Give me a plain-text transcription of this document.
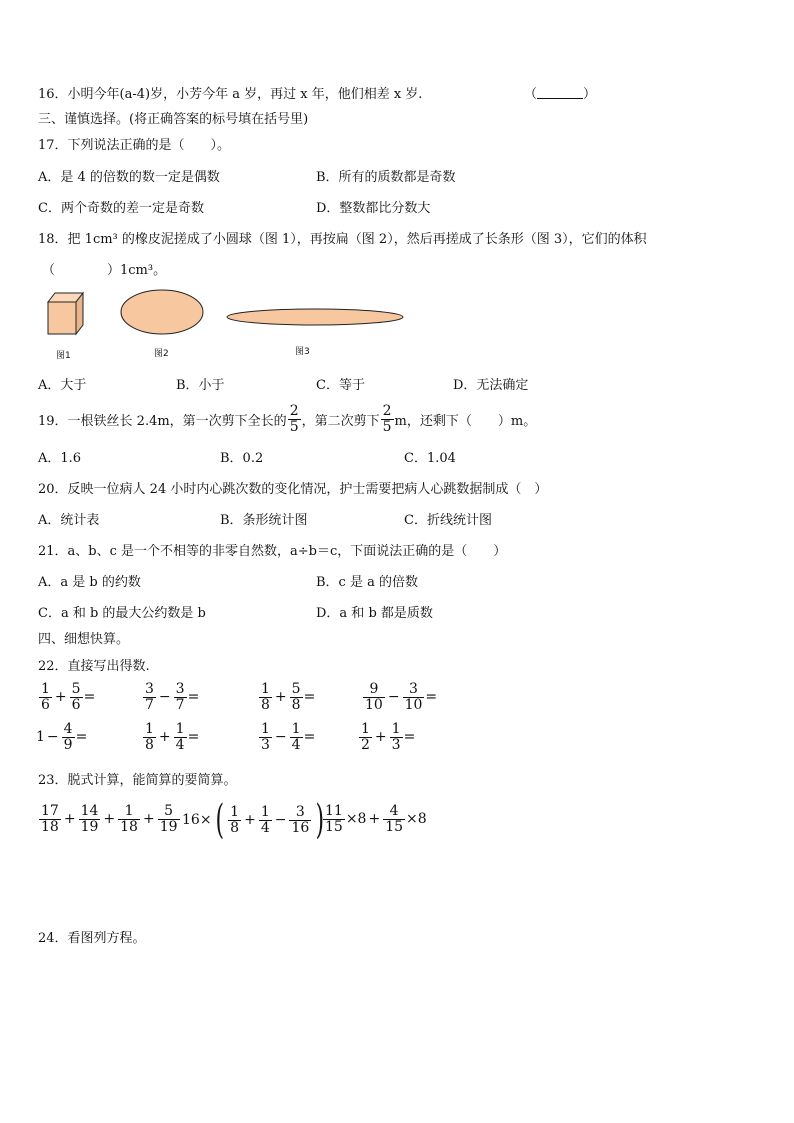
16．小明今年(a-4)岁，小芳今年 a 岁，再过 x 年，他们相差 x 岁.	（	）
三、谨慎选择。(将正确答案的标号填在括号里)
17．下列说法正确的是（　　）。
A．是 4 的倍数的数一定是偶数	B．所有的质数都是奇数
C．两个奇数的差一定是奇数	D．整数都比分数大
18．把 1cm³ 的橡皮泥搓成了小圆球（图 1），再按扁（图 2），然后再搓成了长条形（图 3），它们的体积
（　　　　）1cm³。
图1	图2	图3
A．大于	B．小于	C．等于	D．无法确定
19．一根铁丝长 2.4m，第一次剪下全长的 $\frac{2}{5}$ ，第二次剪下 $\frac{2}{5}$ m，还剩下（　　）m。
A．1.6	B．0.2	C．1.04
20．反映一位病人 24 小时内心跳次数的变化情况，护士需要把病人心跳数据制成（　）
A．统计表	B．条形统计图	C．折线统计图
21．a、b、c 是一个不相等的非零自然数，a÷b＝c，下面说法正确的是（　　）
A．a 是 b 的约数	B．c 是 a 的倍数
C．a 和 b 的最大公约数是 b	D．a 和 b 都是质数
四、细想快算。
22．直接写出得数.
$\frac{1}{6} + \frac{5}{6}$ =	$\frac{3}{7} - \frac{3}{7}$ =	$\frac{1}{8} + \frac{5}{8}$ =	$\frac{9}{10} - \frac{3}{10}$ =
$1 - \frac{4}{9}$ =	$\frac{1}{8} + \frac{1}{4}$ =	$\frac{1}{3} - \frac{1}{4}$ =	$\frac{1}{2} + \frac{1}{3}$ =
23．脱式计算，能简算的要简算。
$\frac{17}{18} + \frac{14}{19} + \frac{1}{18} + \frac{5}{19} 16\times$ ( $\frac{1}{8} + \frac{1}{4} - \frac{3}{16}$ )
$\frac{11}{15} \times 8 + \frac{4}{15} \times 8$
24．看图列方程。
